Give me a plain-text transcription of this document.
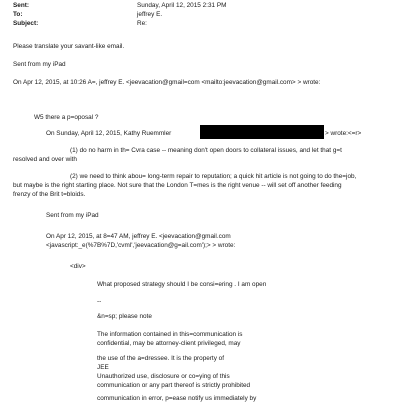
Sent:	Sunday, April 12, 2015 2:31 PM
To:	jeffrey E.
Subject:	Re:
Please translate your savant-like email.
Sent from my iPad
On Apr 12, 2015, at 10:26 A=, jeffrey E. <jeevacation@gmail=com <mailto:jeevacation@gmail.com> > wrote:
W5 there a p=oposal ?
On Sunday, April 12, 2015, Kathy Ruemmler	> wrote:<=r>
(1) do no harm in th= Cvra case -- meaning don't open doors to collateral issues, and let that g=t
resolved and over with
(2) we need to think abou= long-term repair to reputation; a quick hit article is not going to do the=job,
but maybe is the right starting place. Not sure that the London T=mes is the right venue -- will set off another feeding
frenzy of the Brit t=bloids.
Sent from my iPad
On Apr 12, 2015, at 8=47 AM, jeffrey E. <jeevacation@gmail.com
<javascript:_e(%7B%7D,'cvml','jeevacation@g=ail.com');> > wrote:
<div>
What proposed strategy should I be consi=ering . I am open
--
&n=sp; please note
The information contained in this=communication is
confidential, may be attorney-client privileged, may
the use of the a=dressee. It is the property of
JEE
Unauthorized use, disclosure or co=ying of this
communication or any part thereof is strictly prohibited
communication in error, p=ease notify us immediately by
